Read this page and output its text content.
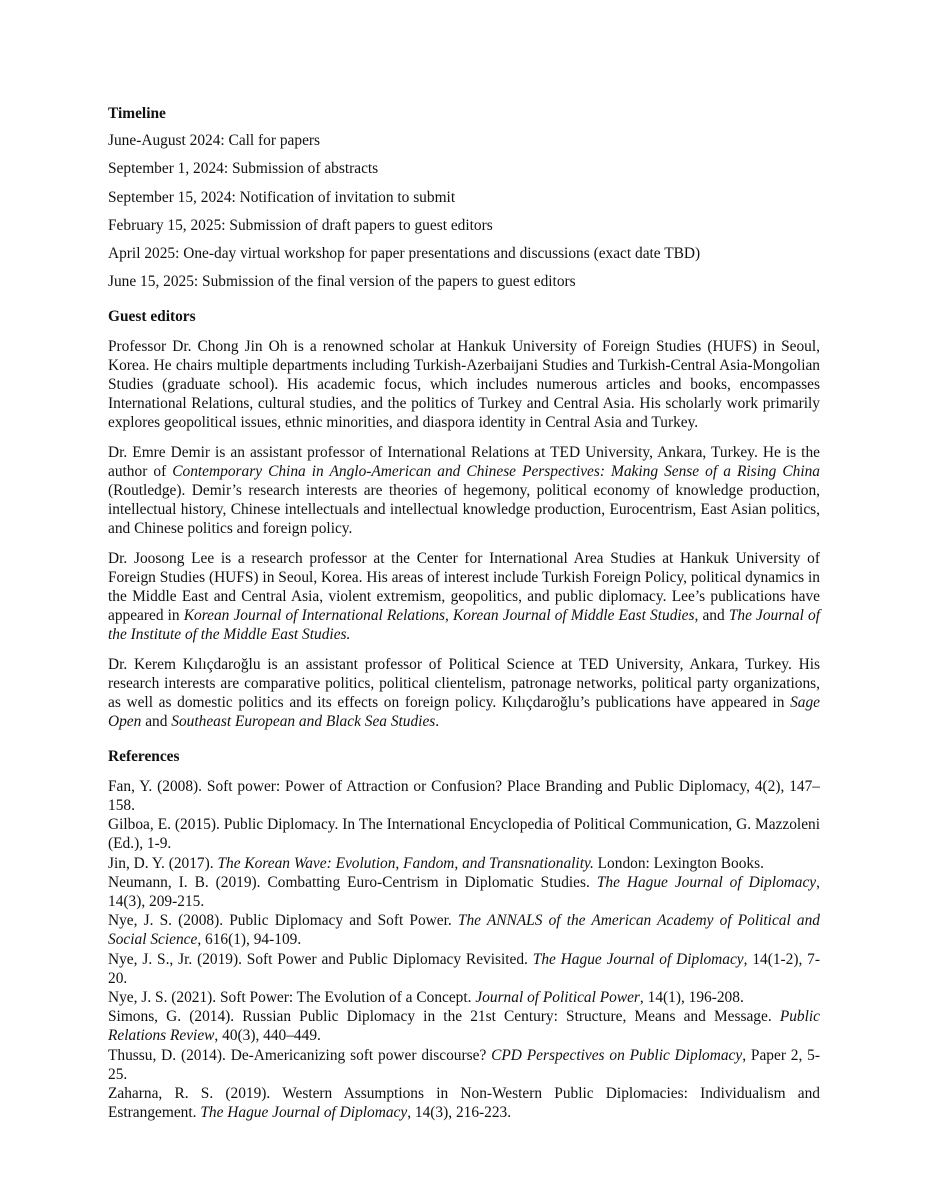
Timeline

June-August 2024: Call for papers

September 1, 2024: Submission of abstracts

September 15, 2024: Notification of invitation to submit

February 15, 2025: Submission of draft papers to guest editors

April 2025: One-day virtual workshop for paper presentations and discussions (exact date TBD)

June 15, 2025: Submission of the final version of the papers to guest editors

Guest editors

Professor Dr. Chong Jin Oh is a renowned scholar at Hankuk University of Foreign Studies (HUFS) in Seoul, Korea. He chairs multiple departments including Turkish-Azerbaijani Studies and Turkish-Central Asia-Mongolian Studies (graduate school). His academic focus, which includes numerous articles and books, encompasses International Relations, cultural studies, and the politics of Turkey and Central Asia. His scholarly work primarily explores geopolitical issues, ethnic minorities, and diaspora identity in Central Asia and Turkey.

Dr. Emre Demir is an assistant professor of International Relations at TED University, Ankara, Turkey. He is the author of Contemporary China in Anglo-American and Chinese Perspectives: Making Sense of a Rising China (Routledge). Demir’s research interests are theories of hegemony, political economy of knowledge production, intellectual history, Chinese intellectuals and intellectual knowledge production, Eurocentrism, East Asian politics, and Chinese politics and foreign policy.

Dr. Joosong Lee is a research professor at the Center for International Area Studies at Hankuk University of Foreign Studies (HUFS) in Seoul, Korea. His areas of interest include Turkish Foreign Policy, political dynamics in the Middle East and Central Asia, violent extremism, geopolitics, and public diplomacy. Lee’s publications have appeared in Korean Journal of International Relations, Korean Journal of Middle East Studies, and The Journal of the Institute of the Middle East Studies.

Dr. Kerem Kılıçdaroğlu is an assistant professor of Political Science at TED University, Ankara, Turkey. His research interests are comparative politics, political clientelism, patronage networks, political party organizations, as well as domestic politics and its effects on foreign policy. Kılıçdaroğlu’s publications have appeared in Sage Open and Southeast European and Black Sea Studies.

References

Fan, Y. (2008). Soft power: Power of Attraction or Confusion? Place Branding and Public Diplomacy, 4(2), 147–158.

Gilboa, E. (2015). Public Diplomacy. In The International Encyclopedia of Political Communication, G. Mazzoleni (Ed.), 1-9.

Jin, D. Y. (2017). The Korean Wave: Evolution, Fandom, and Transnationality. London: Lexington Books.

Neumann, I. B. (2019). Combatting Euro-Centrism in Diplomatic Studies. The Hague Journal of Diplomacy, 14(3), 209-215.

Nye, J. S. (2008). Public Diplomacy and Soft Power. The ANNALS of the American Academy of Political and Social Science, 616(1), 94-109.

Nye, J. S., Jr. (2019). Soft Power and Public Diplomacy Revisited. The Hague Journal of Diplomacy, 14(1-2), 7-20.

Nye, J. S. (2021). Soft Power: The Evolution of a Concept. Journal of Political Power, 14(1), 196-208.

Simons, G. (2014). Russian Public Diplomacy in the 21st Century: Structure, Means and Message. Public Relations Review, 40(3), 440–449.

Thussu, D. (2014). De-Americanizing soft power discourse? CPD Perspectives on Public Diplomacy, Paper 2, 5-25.

Zaharna, R. S. (2019). Western Assumptions in Non-Western Public Diplomacies: Individualism and Estrangement. The Hague Journal of Diplomacy, 14(3), 216-223.
